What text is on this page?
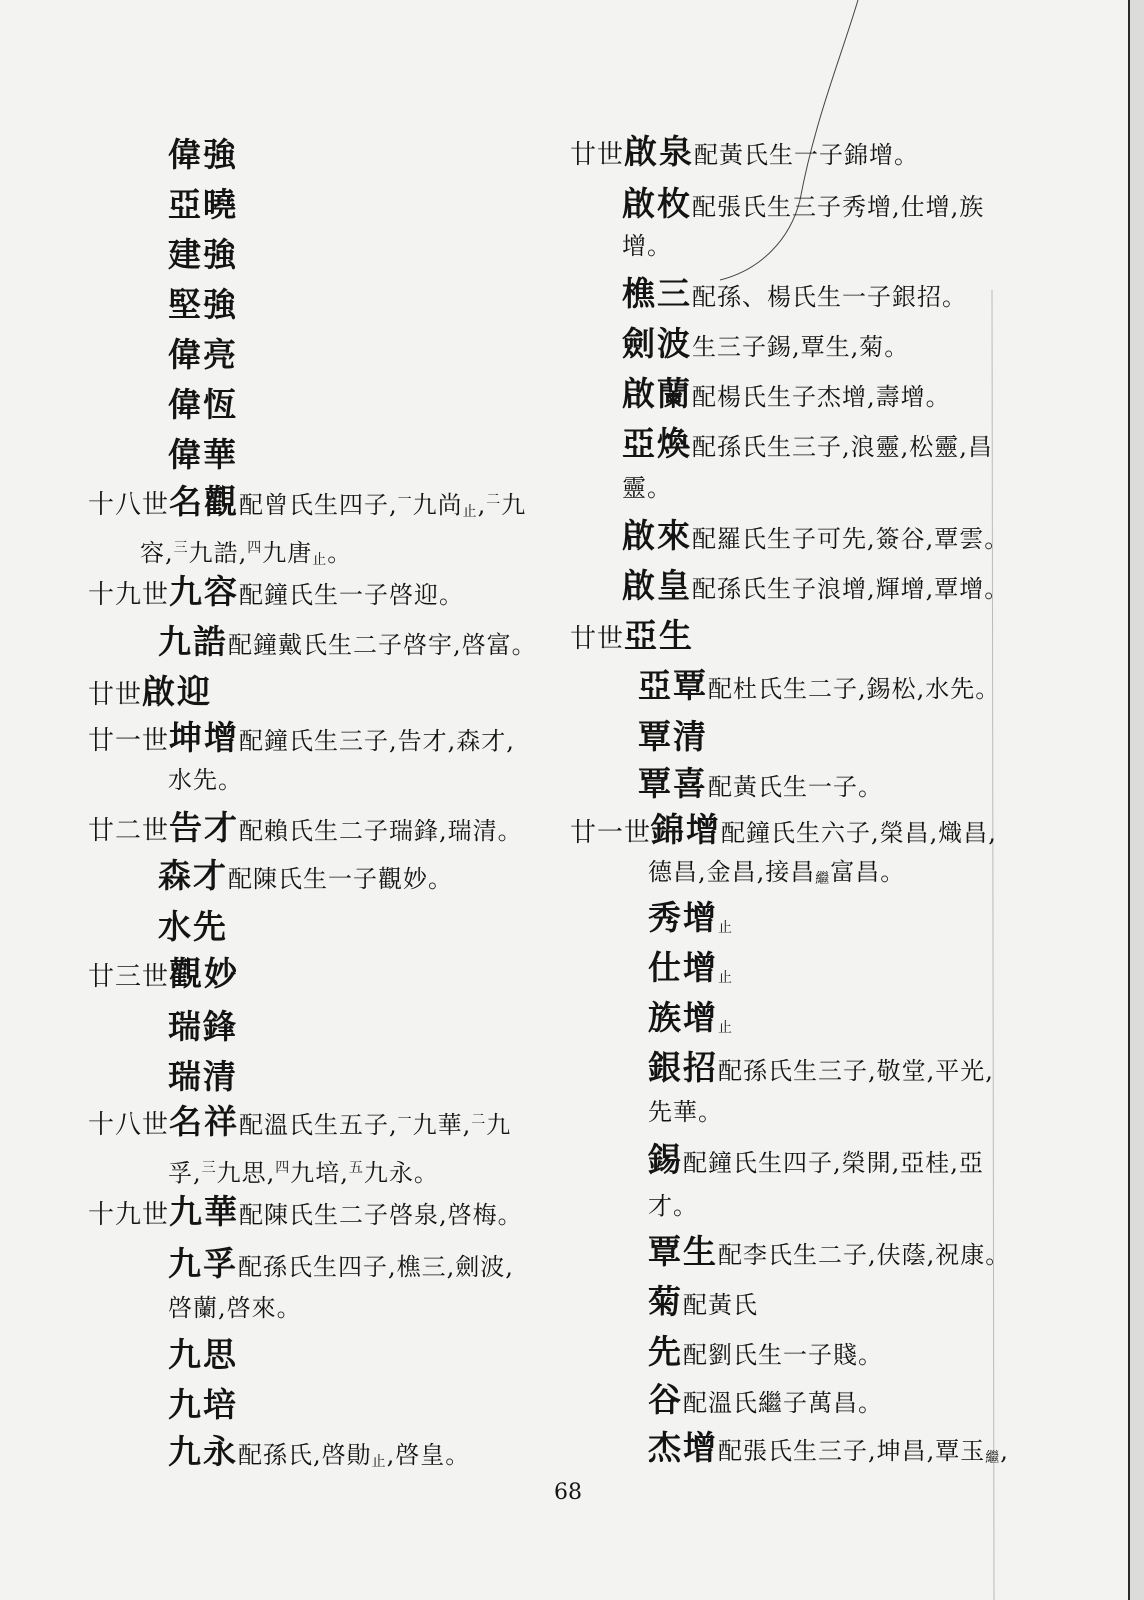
偉強
亞曉
建強
堅強
偉亮
偉恆
偉華
十八世名觀配曾氏生四子,$^一$九尚$_止$,$^二$九
容,$^三$九誥,$^四$九唐$_止$。
十九世九容配鐘氏生一子啓迎。
九誥配鐘戴氏生二子啓宇,啓富。
廿世啟迎
廿一世坤增配鐘氏生三子,告才,森才,
水先。
廿二世告才配賴氏生二子瑞鋒,瑞清。
森才配陳氏生一子觀妙。
水先
廿三世觀妙
瑞鋒
瑞清
十八世名祥配溫氏生五子,$^一$九華,$^二$九
孚,$^三$九思,$^四$九培,$^五$九永。
十九世九華配陳氏生二子啓泉,啓梅。
九孚配孫氏生四子,樵三,劍波,
啓蘭,啓來。
九思
九培
九永配孫氏,啓勛$_止$,啓皇。
廿世啟泉配黃氏生一子錦增。
啟枚配張氏生三子秀增,仕增,族
增。
樵三配孫、楊氏生一子銀招。
劍波生三子錫,覃生,菊。
啟蘭配楊氏生子杰增,壽增。
亞煥配孫氏生三子,浪靈,松靈,昌
靈。
啟來配羅氏生子可先,簽谷,覃雲。
啟皇配孫氏生子浪增,輝增,覃增。
廿世亞生
亞覃配杜氏生二子,錫松,水先。
覃清
覃喜配黃氏生一子。
廿一世錦增配鐘氏生六子,榮昌,熾昌,
德昌,金昌,接昌$_繼$富昌。
秀增$_止$
仕增$_止$
族增$_止$
銀招配孫氏生三子,敬堂,平光,
先華。
錫配鐘氏生四子,榮開,亞桂,亞
才。
覃生配李氏生二子,伕蔭,祝康。
菊配黃氏
先配劉氏生一子賤。
谷配溫氏繼子萬昌。
杰增配張氏生三子,坤昌,覃玉$_繼$,
68
